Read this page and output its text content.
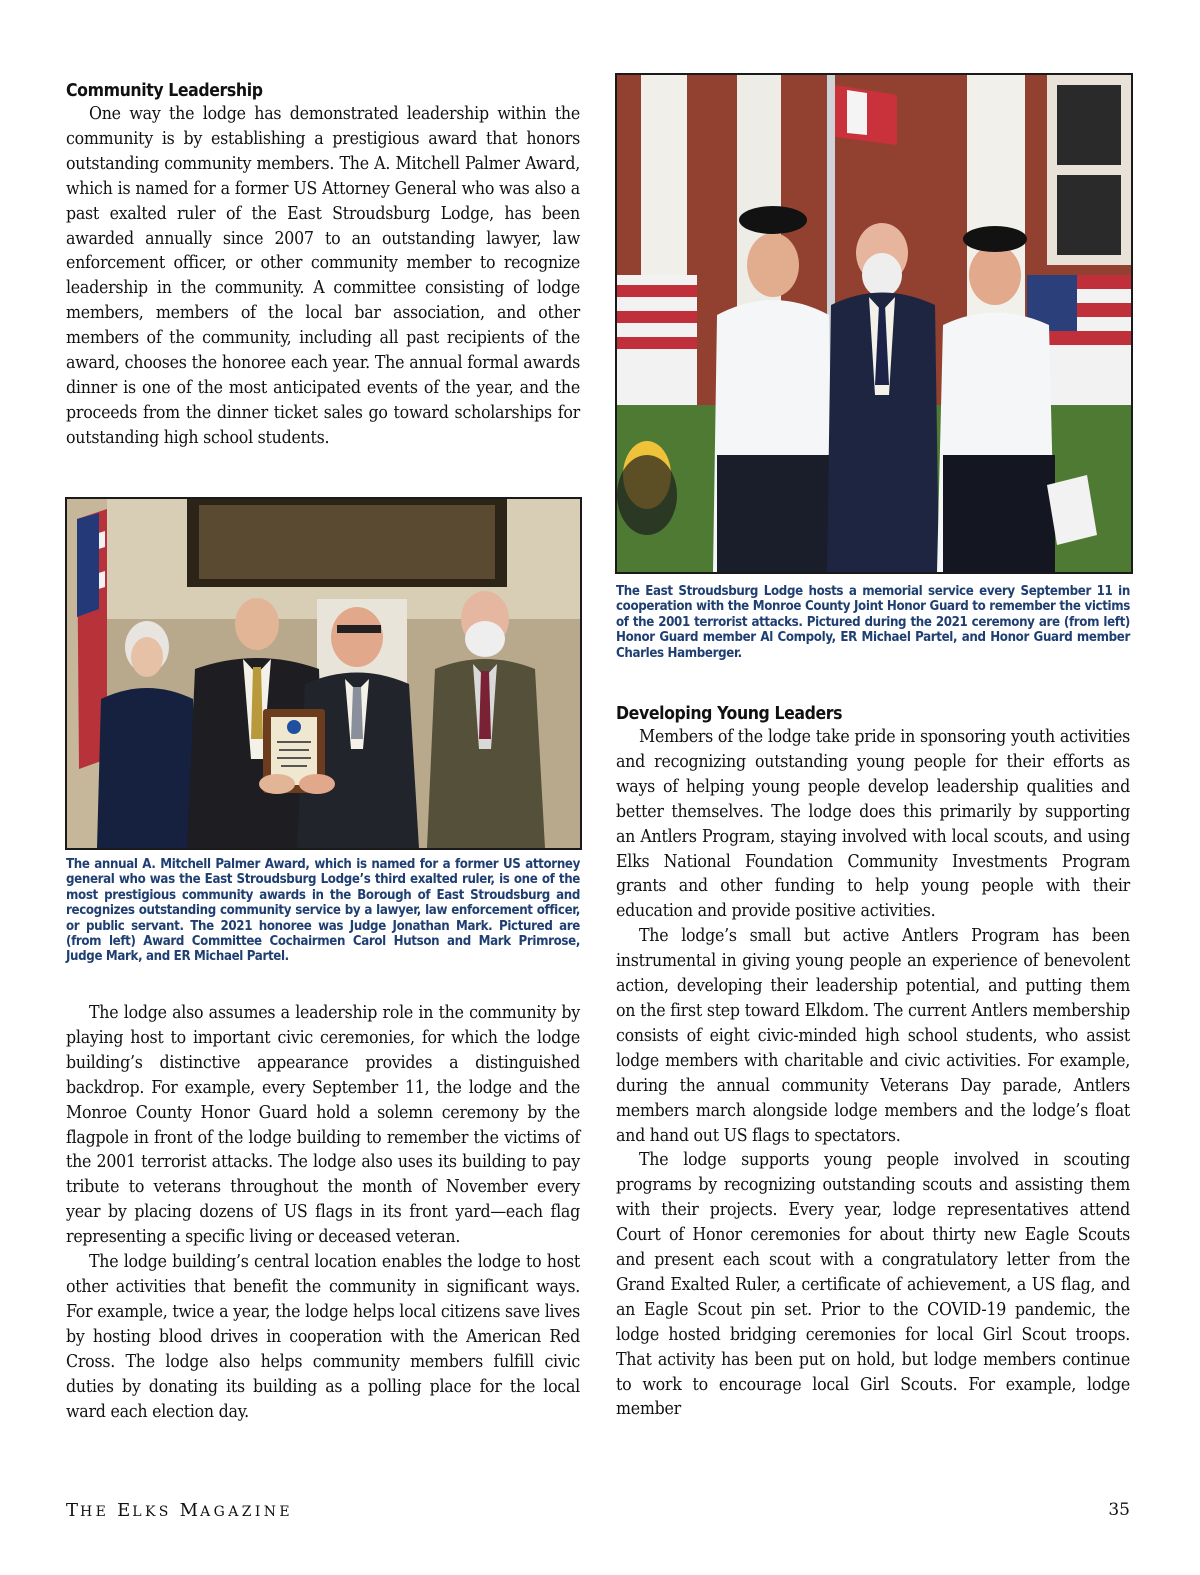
Community Leadership

One way the lodge has demonstrated leadership within the community is by establishing a prestigious award that honors outstanding community members. The A. Mitchell Palmer Award, which is named for a former US Attorney General who was also a past exalted ruler of the East Stroudsburg Lodge, has been awarded annually since 2007 to an outstanding lawyer, law enforcement officer, or other community member to recognize leadership in the community. A committee consisting of lodge members, members of the local bar association, and other members of the community, including all past recipients of the award, chooses the honoree each year. The annual formal awards dinner is one of the most anticipated events of the year, and the proceeds from the dinner ticket sales go toward scholarships for outstanding high school students.

The annual A. Mitchell Palmer Award, which is named for a former US attorney general who was the East Stroudsburg Lodge’s third exalted ruler, is one of the most prestigious community awards in the Borough of East Stroudsburg and recognizes outstanding community service by a lawyer, law enforcement officer, or public servant. The 2021 honoree was Judge Jonathan Mark. Pictured are (from left) Award Committee Cochairmen Carol Hutson and Mark Primrose, Judge Mark, and ER Michael Partel.

The lodge also assumes a leadership role in the community by playing host to important civic ceremonies, for which the lodge building’s distinctive appearance provides a distinguished backdrop. For example, every September 11, the lodge and the Monroe County Honor Guard hold a solemn ceremony by the flagpole in front of the lodge building to remember the victims of the 2001 terrorist attacks. The lodge also uses its building to pay tribute to veterans throughout the month of November every year by placing dozens of US flags in its front yard—each flag representing a specific living or deceased veteran.

The lodge building’s central location enables the lodge to host other activities that benefit the community in significant ways. For example, twice a year, the lodge helps local citizens save lives by hosting blood drives in cooperation with the American Red Cross. The lodge also helps community members fulfill civic duties by donating its building as a polling place for the local ward each election day.

The East Stroudsburg Lodge hosts a memorial service every September 11 in cooperation with the Monroe County Joint Honor Guard to remember the victims of the 2001 terrorist attacks. Pictured during the 2021 ceremony are (from left) Honor Guard member Al Compoly, ER Michael Partel, and Honor Guard member Charles Hamberger.

Developing Young Leaders

Members of the lodge take pride in sponsoring youth activities and recognizing outstanding young people for their efforts as ways of helping young people develop leadership qualities and better themselves. The lodge does this primarily by supporting an Antlers Program, staying involved with local scouts, and using Elks National Foundation Community Investments Program grants and other funding to help young people with their education and provide positive activities.

The lodge’s small but active Antlers Program has been instrumental in giving young people an experience of benevolent action, developing their leadership potential, and putting them on the first step toward Elkdom. The current Antlers membership consists of eight civic-minded high school students, who assist lodge members with charitable and civic activities. For example, during the annual community Veterans Day parade, Antlers members march alongside lodge members and the lodge’s float and hand out US flags to spectators.

The lodge supports young people involved in scouting programs by recognizing outstanding scouts and assisting them with their projects. Every year, lodge representatives attend Court of Honor ceremonies for about thirty new Eagle Scouts and present each scout with a congratulatory letter from the Grand Exalted Ruler, a certificate of achievement, a US flag, and an Eagle Scout pin set. Prior to the COVID-19 pandemic, the lodge hosted bridging ceremonies for local Girl Scout troops. That activity has been put on hold, but lodge members continue to work to encourage local Girl Scouts. For example, lodge member

THE ELKS MAGAZINE	35
